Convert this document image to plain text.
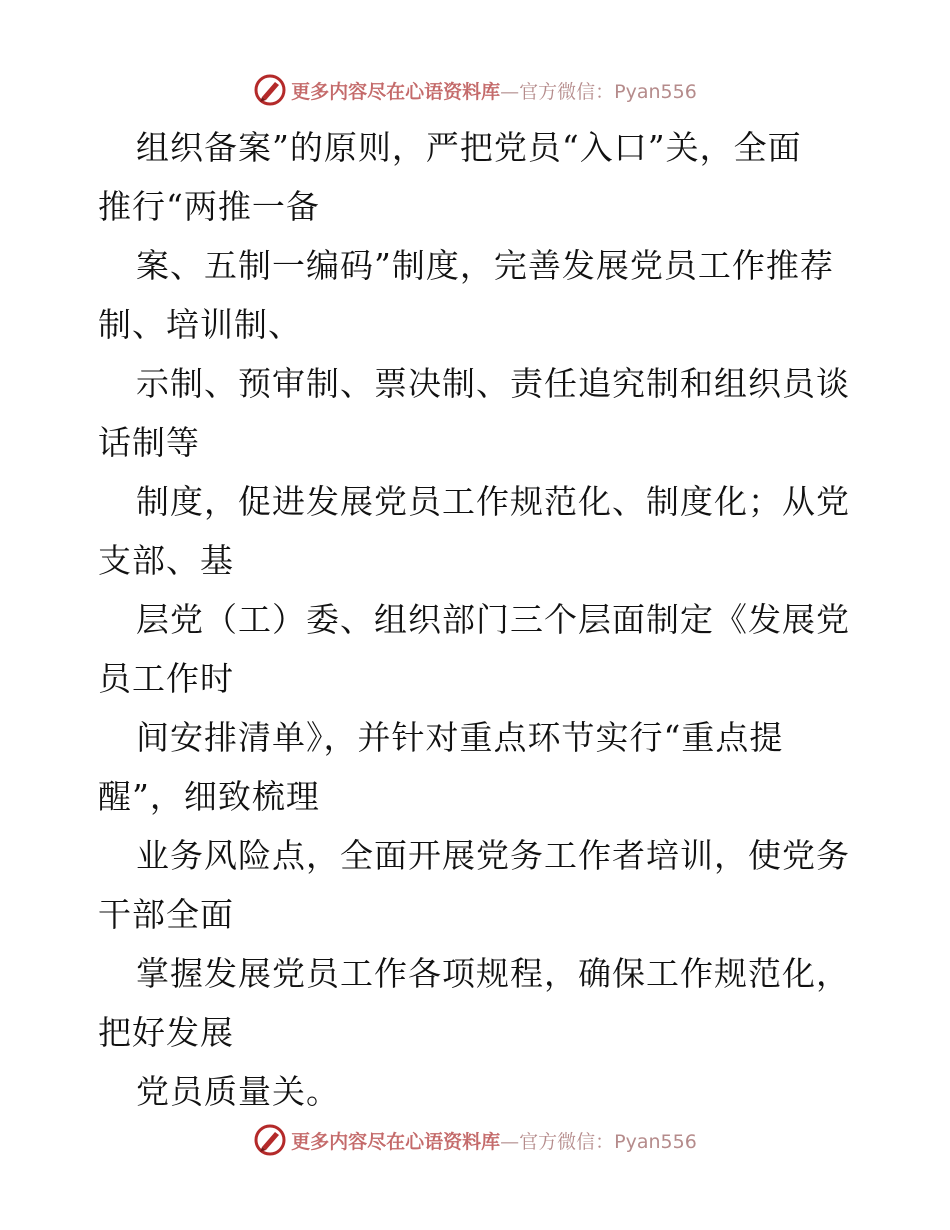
更多内容尽在心语资料库—官方微信：Pyan556
组织备案”的原则，严把党员“入口”关，全面
推行“两推一备
案、五制一编码”制度，完善发展党员工作推荐
制、培训制、
示制、预审制、票决制、责任追究制和组织员谈
话制等
制度，促进发展党员工作规范化、制度化；从党
支部、基
层党（工）委、组织部门三个层面制定《发展党
员工作时
间安排清单》，并针对重点环节实行“重点提
醒”，细致梳理
业务风险点，全面开展党务工作者培训，使党务
干部全面
掌握发展党员工作各项规程，确保工作规范化，
把好发展
党员质量关。
更多内容尽在心语资料库—官方微信：Pyan556
